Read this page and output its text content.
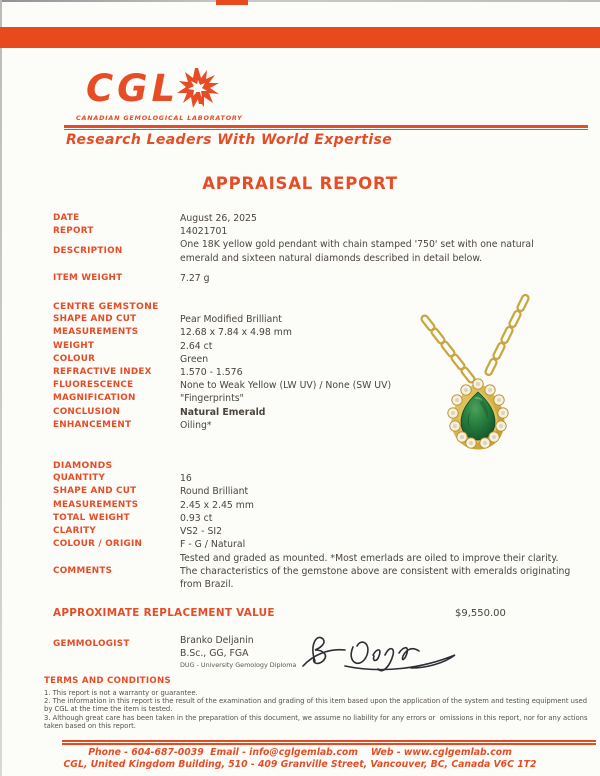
CGL
CANADIAN GEMOLOGICAL LABORATORY
Research Leaders With World Expertise
APPRAISAL REPORT
DATE	August 26, 2025
REPORT	14021701
DESCRIPTION
One 18K yellow gold pendant with chain stamped '750' set with one natural emerald and sixteen natural diamonds described in detail below.
ITEM WEIGHT	7.27 g
CENTRE GEMSTONE
SHAPE AND CUT	Pear Modified Brilliant
MEASUREMENTS	12.68 x 7.84 x 4.98 mm
WEIGHT	2.64 ct
COLOUR	Green
REFRACTIVE INDEX	1.570 - 1.576
FLUORESCENCE	None to Weak Yellow (LW UV) / None (SW UV)
MAGNIFICATION	"Fingerprints"
CONCLUSION	Natural Emerald
ENHANCEMENT	Oiling*
DIAMONDS
QUANTITY	16
SHAPE AND CUT	Round Brilliant
MEASUREMENTS	2.45 x 2.45 mm
TOTAL WEIGHT	0.93 ct
CLARITY	VS2 - SI2
COLOUR / ORIGIN	F - G / Natural
COMMENTS
Tested and graded as mounted. *Most emerlads are oiled to improve their clarity. The characteristics of the gemstone above are consistent with emeralds originating from Brazil.
APPROXIMATE REPLACEMENT VALUE	$9,550.00
GEMMOLOGIST	Branko Deljanin
B.Sc., GG, FGA
DUG - University Gemology Diploma
TERMS AND CONDITIONS
1. This report is not a warranty or guarantee.
2. The information in this report is the result of the examination and grading of this item based upon the application of the system and testing equipment used by CGL at the time the item is tested.
3. Although great care has been taken in the preparation of this document, we assume no liability for any errors or  omissions in this report, nor for any actions taken based on this report.
Phone - 604-687-0039  Email - info@cglgemlab.com    Web - www.cglgemlab.com
CGL, United Kingdom Building, 510 - 409 Granville Street, Vancouver, BC, Canada V6C 1T2
